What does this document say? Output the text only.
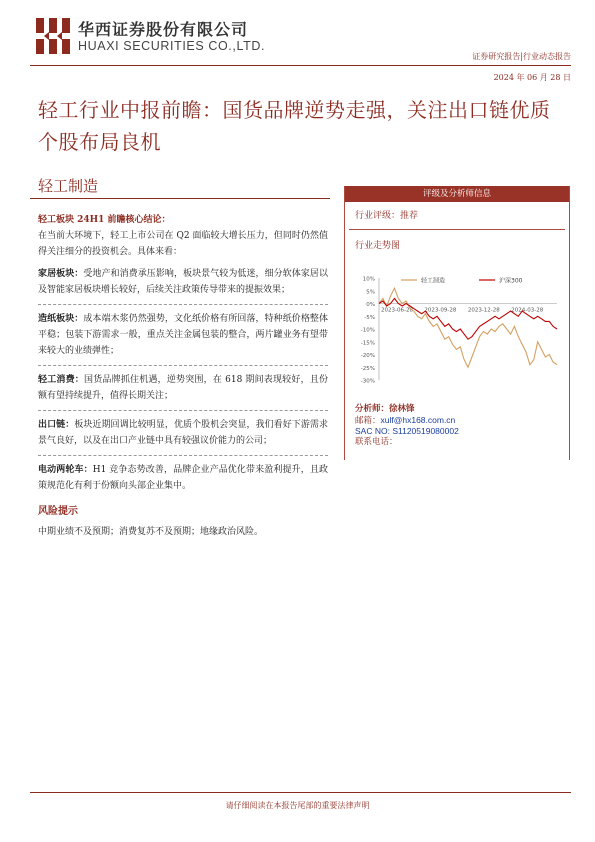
华西证券股份有限公司
HUAXI SECURITIES CO.,LTD.
证券研究报告|行业动态报告
2024 年 06 月 28 日
轻工行业中报前瞻：国货品牌逆势走强，关注出口链优质个股布局良机
轻工制造
轻工板块 24H1 前瞻核心结论：

在当前大环境下，轻工上市公司在 Q2 面临较大增长压力，但同时仍然值得关注细分的投资机会。具体来看：

家居板块：受地产和消费承压影响，板块景气较为低迷，细分软体家居以及智能家居板块增长较好，后续关注政策传导带来的提振效果；

造纸板块：成本端木浆仍然强势，文化纸价格有所回落，特种纸价格整体平稳；包装下游需求一般，重点关注金属包装的整合，两片罐业务有望带来较大的业绩弹性；

轻工消费：国货品牌抓住机遇，逆势突围，在 618 期间表现较好，且份额有望持续提升，值得长期关注；

出口链：板块近期回调比较明显，优质个股机会突显，我们看好下游需求景气良好，以及在出口产业链中具有较强议价能力的公司；

电动两轮车：H1 竞争态势改善，品牌企业产品优化带来盈利提升，且政策规范化有利于份额向头部企业集中。

风险提示
中期业绩不及预期；消费复苏不及预期；地缘政治风险。
评级及分析师信息
行业评级：推荐
行业走势图
10%
5%
0%
-5%
-10%
-15%
-20%
-25%
-30%
2023-06-28 2023-09-28 2023-12-28 2024-03-28
轻工制造	沪深300
分析师：徐林锋
邮箱：xulf@hx168.com.cn
SAC NO: S1120519080002
联系电话：
请仔细阅读在本报告尾部的重要法律声明
